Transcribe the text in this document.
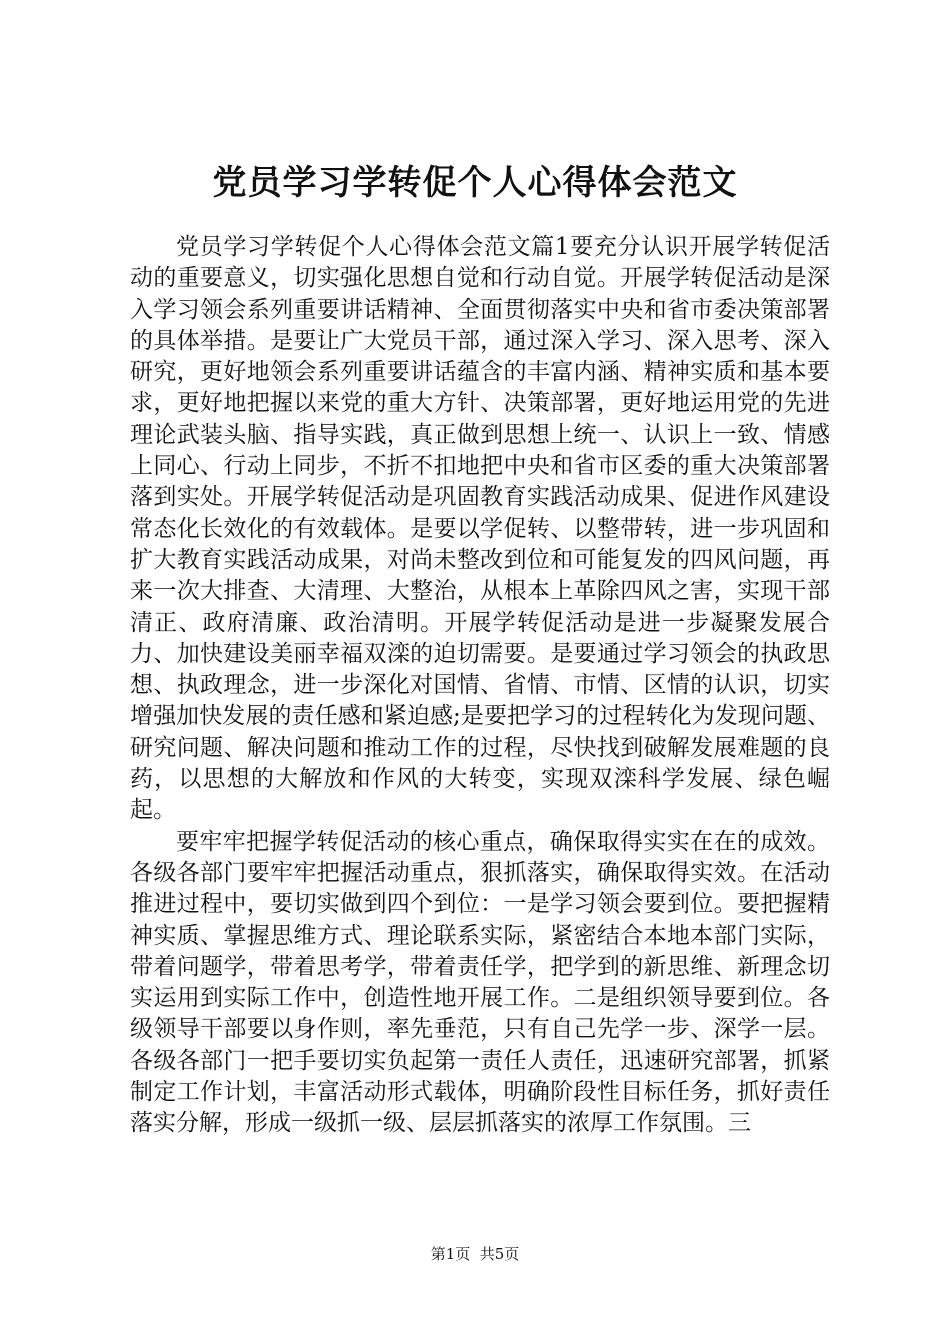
党员学习学转促个人心得体会范文

党员学习学转促个人心得体会范文篇1要充分认识开展学转促活动的重要意义，切实强化思想自觉和行动自觉。开展学转促活动是深入学习领会系列重要讲话精神、全面贯彻落实中央和省市委决策部署的具体举措。是要让广大党员干部，通过深入学习、深入思考、深入研究，更好地领会系列重要讲话蕴含的丰富内涵、精神实质和基本要求，更好地把握以来党的重大方针、决策部署，更好地运用党的先进理论武装头脑、指导实践，真正做到思想上统一、认识上一致、情感上同心、行动上同步，不折不扣地把中央和省市区委的重大决策部署落到实处。开展学转促活动是巩固教育实践活动成果、促进作风建设常态化长效化的有效载体。是要以学促转、以整带转，进一步巩固和扩大教育实践活动成果，对尚未整改到位和可能复发的四风问题，再来一次大排查、大清理、大整治，从根本上革除四风之害，实现干部清正、政府清廉、政治清明。开展学转促活动是进一步凝聚发展合力、加快建设美丽幸福双滦的迫切需要。是要通过学习领会的执政思想、执政理念，进一步深化对国情、省情、市情、区情的认识，切实增强加快发展的责任感和紧迫感;是要把学习的过程转化为发现问题、研究问题、解决问题和推动工作的过程，尽快找到破解发展难题的良药，以思想的大解放和作风的大转变，实现双滦科学发展、绿色崛起。

要牢牢把握学转促活动的核心重点，确保取得实实在在的成效。各级各部门要牢牢把握活动重点，狠抓落实，确保取得实效。在活动推进过程中，要切实做到四个到位：一是学习领会要到位。要把握精神实质、掌握思维方式、理论联系实际，紧密结合本地本部门实际，带着问题学，带着思考学，带着责任学，把学到的新思维、新理念切实运用到实际工作中，创造性地开展工作。二是组织领导要到位。各级领导干部要以身作则，率先垂范，只有自己先学一步、深学一层。各级各部门一把手要切实负起第一责任人责任，迅速研究部署，抓紧制定工作计划，丰富活动形式载体，明确阶段性目标任务，抓好责任落实分解，形成一级抓一级、层层抓落实的浓厚工作氛围。三

第1页  共5页
